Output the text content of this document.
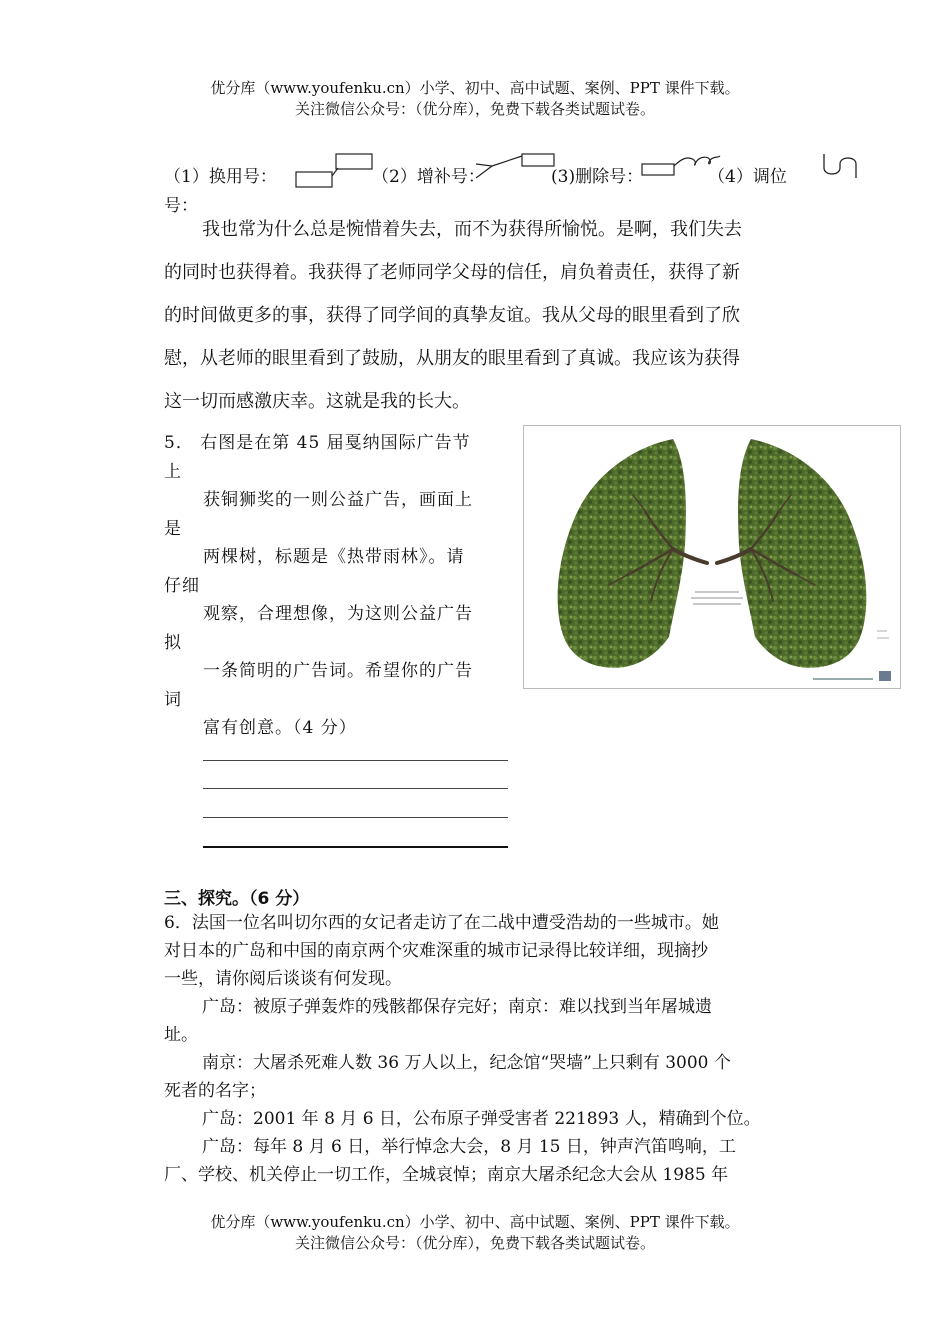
优分库（www.youfenku.cn）小学、初中、高中试题、案例、PPT 课件下载。
关注微信公众号：（优分库），免费下载各类试题试卷。
（1）换用号：	（2）增补号：	(3)删除号：	（4）调位
号：
我也常为什么总是惋惜着失去，而不为获得所愉悦。是啊，我们失去
的同时也获得着。我获得了老师同学父母的信任，肩负着责任，获得了新
的时间做更多的事，获得了同学间的真挚友谊。我从父母的眼里看到了欣
慰，从老师的眼里看到了鼓励，从朋友的眼里看到了真诚。我应该为获得
这一切而感激庆幸。这就是我的长大。
5． 右图是在第 45 届戛纳国际广告节
上
获铜狮奖的一则公益广告，画面上
是
两棵树，标题是《热带雨林》。请
仔细
观察，合理想像，为这则公益广告
拟
一条简明的广告词。希望你的广告
词
富有创意。（4 分）
三、探究。（6 分）
6．法国一位名叫切尔西的女记者走访了在二战中遭受浩劫的一些城市。她
对日本的广岛和中国的南京两个灾难深重的城市记录得比较详细，现摘抄
一些，请你阅后谈谈有何发现。
广岛：被原子弹轰炸的残骸都保存完好；南京：难以找到当年屠城遗
址。
南京：大屠杀死难人数 36 万人以上，纪念馆“哭墙”上只剩有 3000 个
死者的名字；
广岛：2001 年 8 月 6 日，公布原子弹受害者 221893 人，精确到个位。
广岛：每年 8 月 6 日，举行悼念大会，8 月 15 日，钟声汽笛鸣响，工
厂、学校、机关停止一切工作，全城哀悼；南京大屠杀纪念大会从 1985 年
优分库（www.youfenku.cn）小学、初中、高中试题、案例、PPT 课件下载。
关注微信公众号：（优分库），免费下载各类试题试卷。
